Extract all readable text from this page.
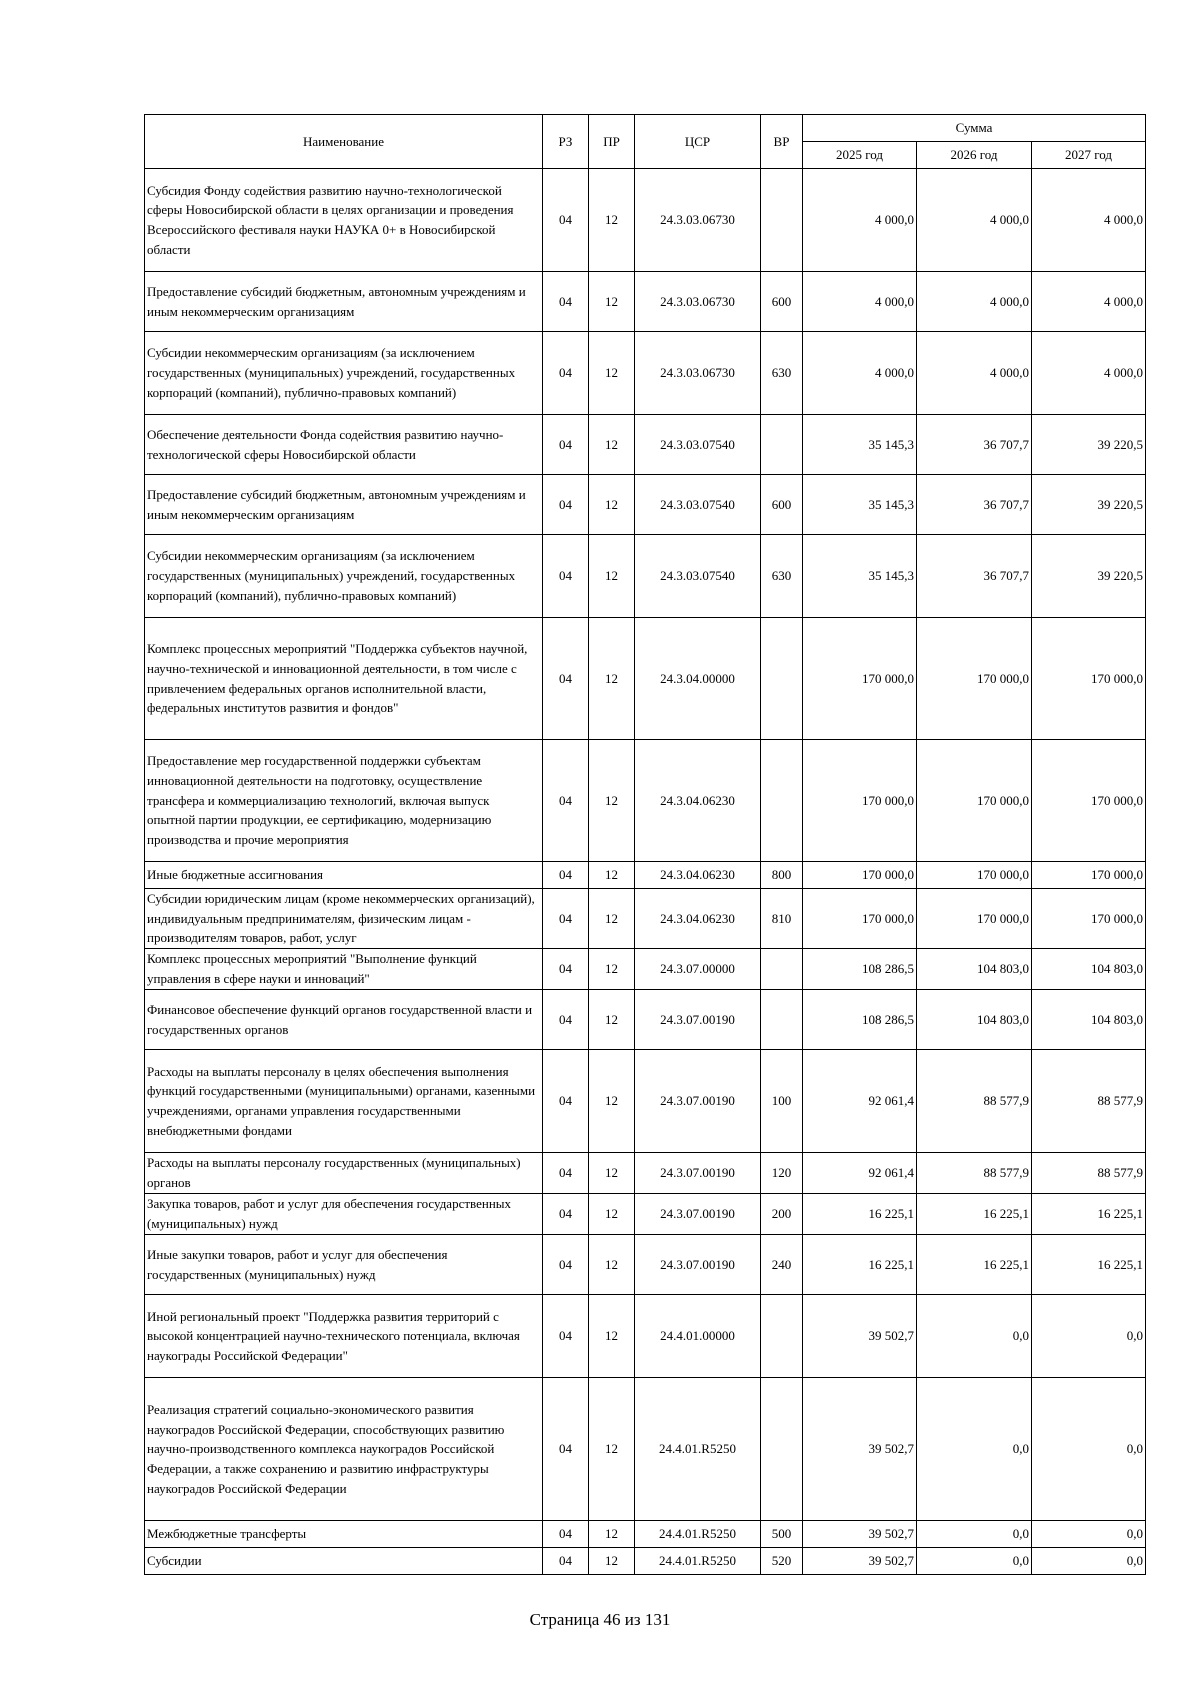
Наименование	РЗ	ПР	ЦСР	ВР	Сумма		
					2025 год	2026 год	2027 год
Субсидия Фонду содействия развитию научно-технологической сферы Новосибирской области в целях организации и проведения Всероссийского фестиваля науки НАУКА 0+ в Новосибирской области	04	12	24.3.03.06730		4 000,0	4 000,0	4 000,0
Предоставление субсидий бюджетным, автономным учреждениям и иным некоммерческим организациям	04	12	24.3.03.06730	600	4 000,0	4 000,0	4 000,0
Субсидии некоммерческим организациям (за исключением государственных (муниципальных) учреждений, государственных корпораций (компаний), публично-правовых компаний)	04	12	24.3.03.06730	630	4 000,0	4 000,0	4 000,0
Обеспечение деятельности Фонда содействия развитию научно-технологической сферы Новосибирской области	04	12	24.3.03.07540		35 145,3	36 707,7	39 220,5
Предоставление субсидий бюджетным, автономным учреждениям и иным некоммерческим организациям	04	12	24.3.03.07540	600	35 145,3	36 707,7	39 220,5
Субсидии некоммерческим организациям (за исключением государственных (муниципальных) учреждений, государственных корпораций (компаний), публично-правовых компаний)	04	12	24.3.03.07540	630	35 145,3	36 707,7	39 220,5
Комплекс процессных мероприятий "Поддержка субъектов научной, научно-технической и инновационной деятельности, в том числе с привлечением федеральных органов исполнительной власти, федеральных институтов развития и фондов"	04	12	24.3.04.00000		170 000,0	170 000,0	170 000,0
Предоставление мер государственной поддержки субъектам инновационной деятельности на подготовку, осуществление трансфера и коммерциализацию технологий, включая выпуск опытной партии продукции, ее сертификацию, модернизацию производства и прочие мероприятия	04	12	24.3.04.06230		170 000,0	170 000,0	170 000,0
Иные бюджетные ассигнования	04	12	24.3.04.06230	800	170 000,0	170 000,0	170 000,0
Субсидии юридическим лицам (кроме некоммерческих организаций), индивидуальным предпринимателям, физическим лицам - производителям товаров, работ, услуг	04	12	24.3.04.06230	810	170 000,0	170 000,0	170 000,0
Комплекс процессных мероприятий "Выполнение функций управления в сфере науки и инноваций"	04	12	24.3.07.00000		108 286,5	104 803,0	104 803,0
Финансовое обеспечение функций органов государственной власти и государственных органов	04	12	24.3.07.00190		108 286,5	104 803,0	104 803,0
Расходы на выплаты персоналу в целях обеспечения выполнения функций государственными (муниципальными) органами, казенными учреждениями, органами управления государственными внебюджетными фондами	04	12	24.3.07.00190	100	92 061,4	88 577,9	88 577,9
Расходы на выплаты персоналу государственных (муниципальных) органов	04	12	24.3.07.00190	120	92 061,4	88 577,9	88 577,9
Закупка товаров, работ и услуг для обеспечения государственных (муниципальных) нужд	04	12	24.3.07.00190	200	16 225,1	16 225,1	16 225,1
Иные закупки товаров, работ и услуг для обеспечения государственных (муниципальных) нужд	04	12	24.3.07.00190	240	16 225,1	16 225,1	16 225,1
Иной региональный проект "Поддержка развития территорий с высокой концентрацией научно-технического потенциала, включая наукограды Российской Федерации"	04	12	24.4.01.00000		39 502,7	0,0	0,0
Реализация стратегий социально-экономического развития наукоградов Российской Федерации, способствующих развитию научно-производственного комплекса наукоградов Российской Федерации, а также сохранению и развитию инфраструктуры наукоградов Российской Федерации	04	12	24.4.01.R5250		39 502,7	0,0	0,0
Межбюджетные трансферты	04	12	24.4.01.R5250	500	39 502,7	0,0	0,0
Субсидии	04	12	24.4.01.R5250	520	39 502,7	0,0	0,0
Страница 46 из 131
